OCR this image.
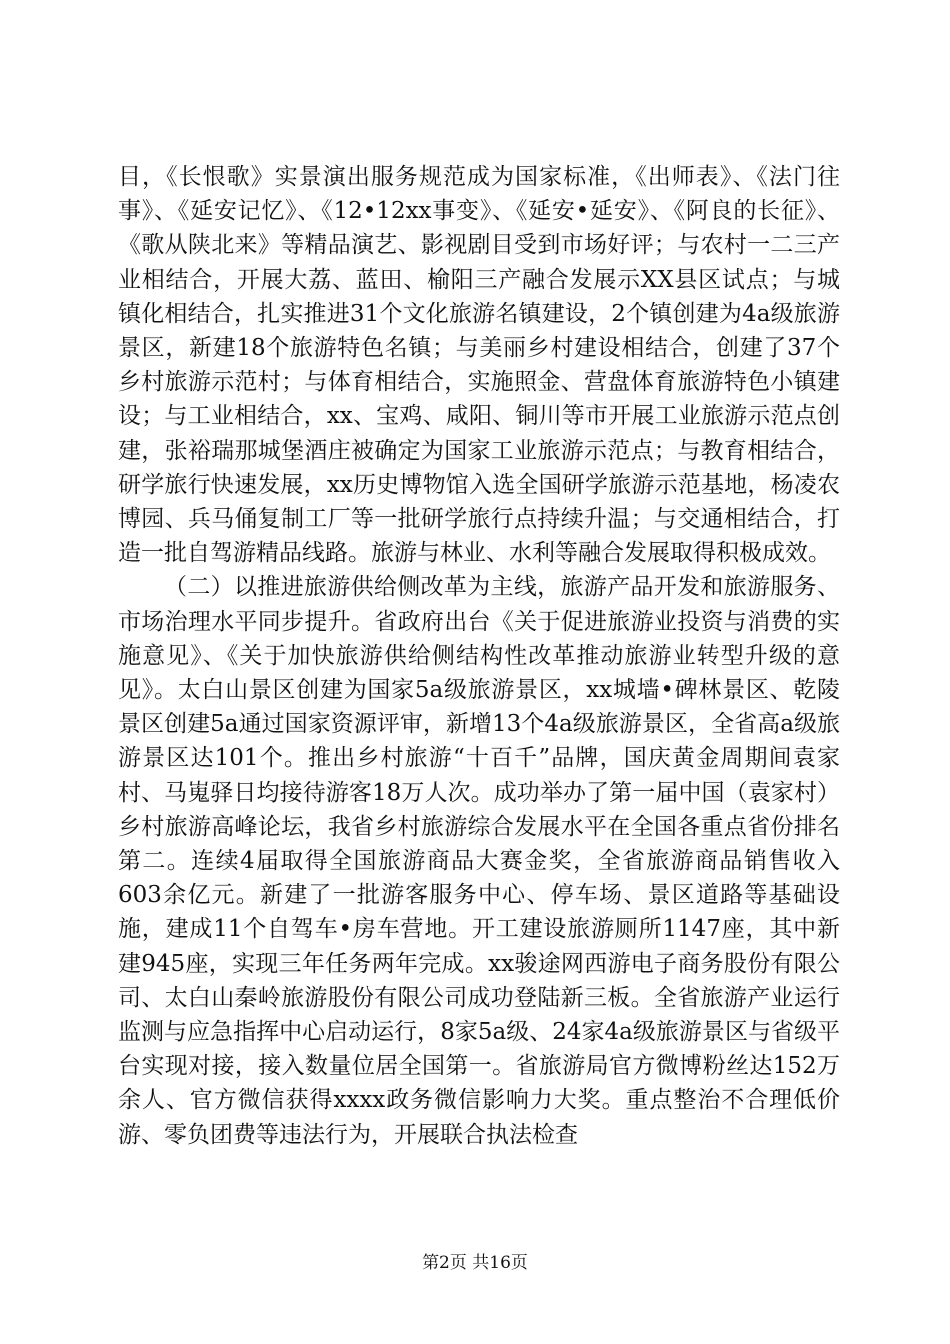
目，《长恨歌》实景演出服务规范成为国家标准，《出师表》、《法门往事》、《延安记忆》、《12•12xx事变》、《延安•延安》、《阿良的长征》、《歌从陕北来》等精品演艺、影视剧目受到市场好评；与农村一二三产业相结合，开展大荔、蓝田、榆阳三产融合发展示XX县区试点；与城镇化相结合，扎实推进31个文化旅游名镇建设，2个镇创建为4a级旅游景区，新建18个旅游特色名镇；与美丽乡村建设相结合，创建了37个乡村旅游示范村；与体育相结合，实施照金、营盘体育旅游特色小镇建设；与工业相结合，xx、宝鸡、咸阳、铜川等市开展工业旅游示范点创建，张裕瑞那城堡酒庄被确定为国家工业旅游示范点；与教育相结合，研学旅行快速发展，xx历史博物馆入选全国研学旅游示范基地，杨凌农博园、兵马俑复制工厂等一批研学旅行点持续升温；与交通相结合，打造一批自驾游精品线路。旅游与林业、水利等融合发展取得积极成效。

（二）以推进旅游供给侧改革为主线，旅游产品开发和旅游服务、市场治理水平同步提升。省政府出台《关于促进旅游业投资与消费的实施意见》、《关于加快旅游供给侧结构性改革推动旅游业转型升级的意见》。太白山景区创建为国家5a级旅游景区，xx城墙•碑林景区、乾陵景区创建5a通过国家资源评审，新增13个4a级旅游景区，全省高a级旅游景区达101个。推出乡村旅游“十百千”品牌，国庆黄金周期间袁家村、马嵬驿日均接待游客18万人次。成功举办了第一届中国（袁家村）乡村旅游高峰论坛，我省乡村旅游综合发展水平在全国各重点省份排名第二。连续4届取得全国旅游商品大赛金奖，全省旅游商品销售收入603余亿元。新建了一批游客服务中心、停车场、景区道路等基础设施，建成11个自驾车•房车营地。开工建设旅游厕所1147座，其中新建945座，实现三年任务两年完成。xx骏途网西游电子商务股份有限公司、太白山秦岭旅游股份有限公司成功登陆新三板。全省旅游产业运行监测与应急指挥中心启动运行，8家5a级、24家4a级旅游景区与省级平台实现对接，接入数量位居全国第一。省旅游局官方微博粉丝达152万余人、官方微信获得xxxx政务微信影响力大奖。重点整治不合理低价游、零负团费等违法行为，开展联合执法检查

第2页 共16页
